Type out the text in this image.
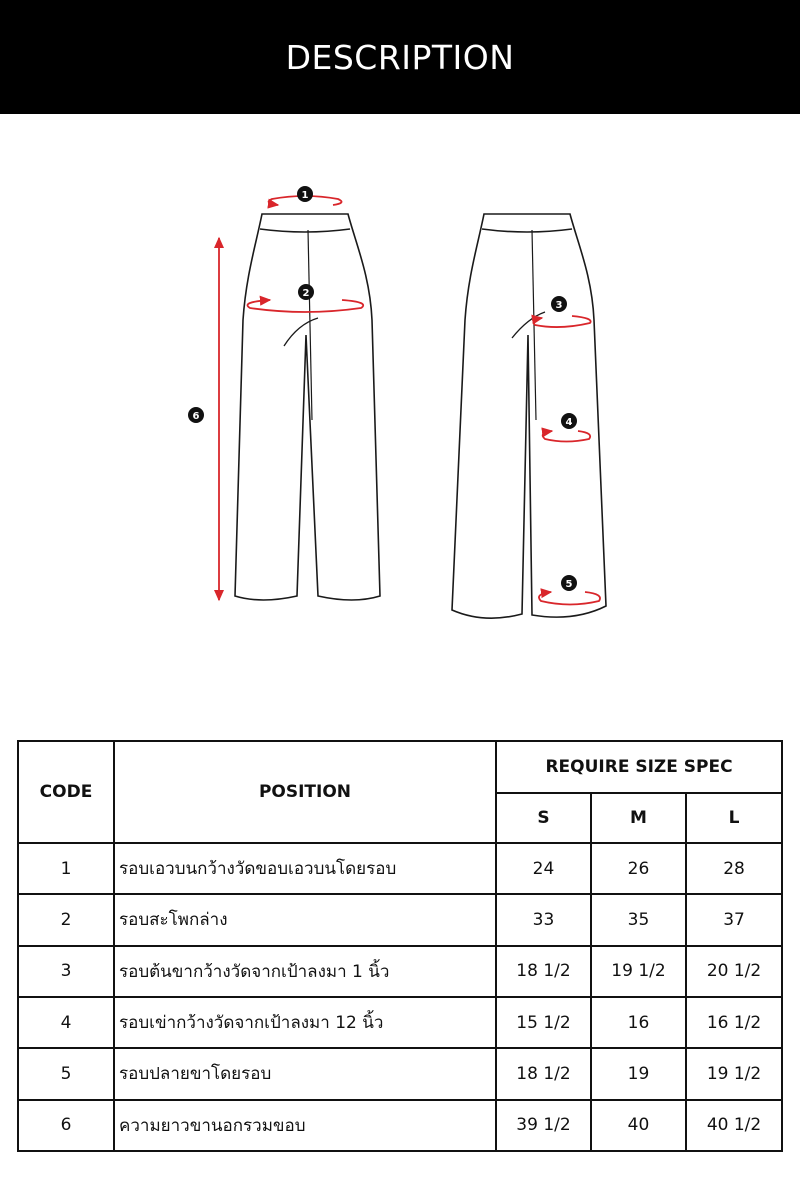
DESCRIPTION
1
2
3
4
5
6
CODE	POSITION	REQUIRE SIZE SPEC		
		S	M	L
1	รอบเอวบนกว้างวัดขอบเอวบนโดยรอบ	24	26	28
2	รอบสะโพกล่าง	33	35	37
3	รอบต้นขากว้างวัดจากเป้าลงมา 1 นิ้ว	18 1/2	19 1/2	20 1/2
4	รอบเข่ากว้างวัดจากเป้าลงมา 12 นิ้ว	15 1/2	16	16 1/2
5	รอบปลายขาโดยรอบ	18 1/2	19	19 1/2
6	ความยาวขานอกรวมขอบ	39 1/2	40	40 1/2
